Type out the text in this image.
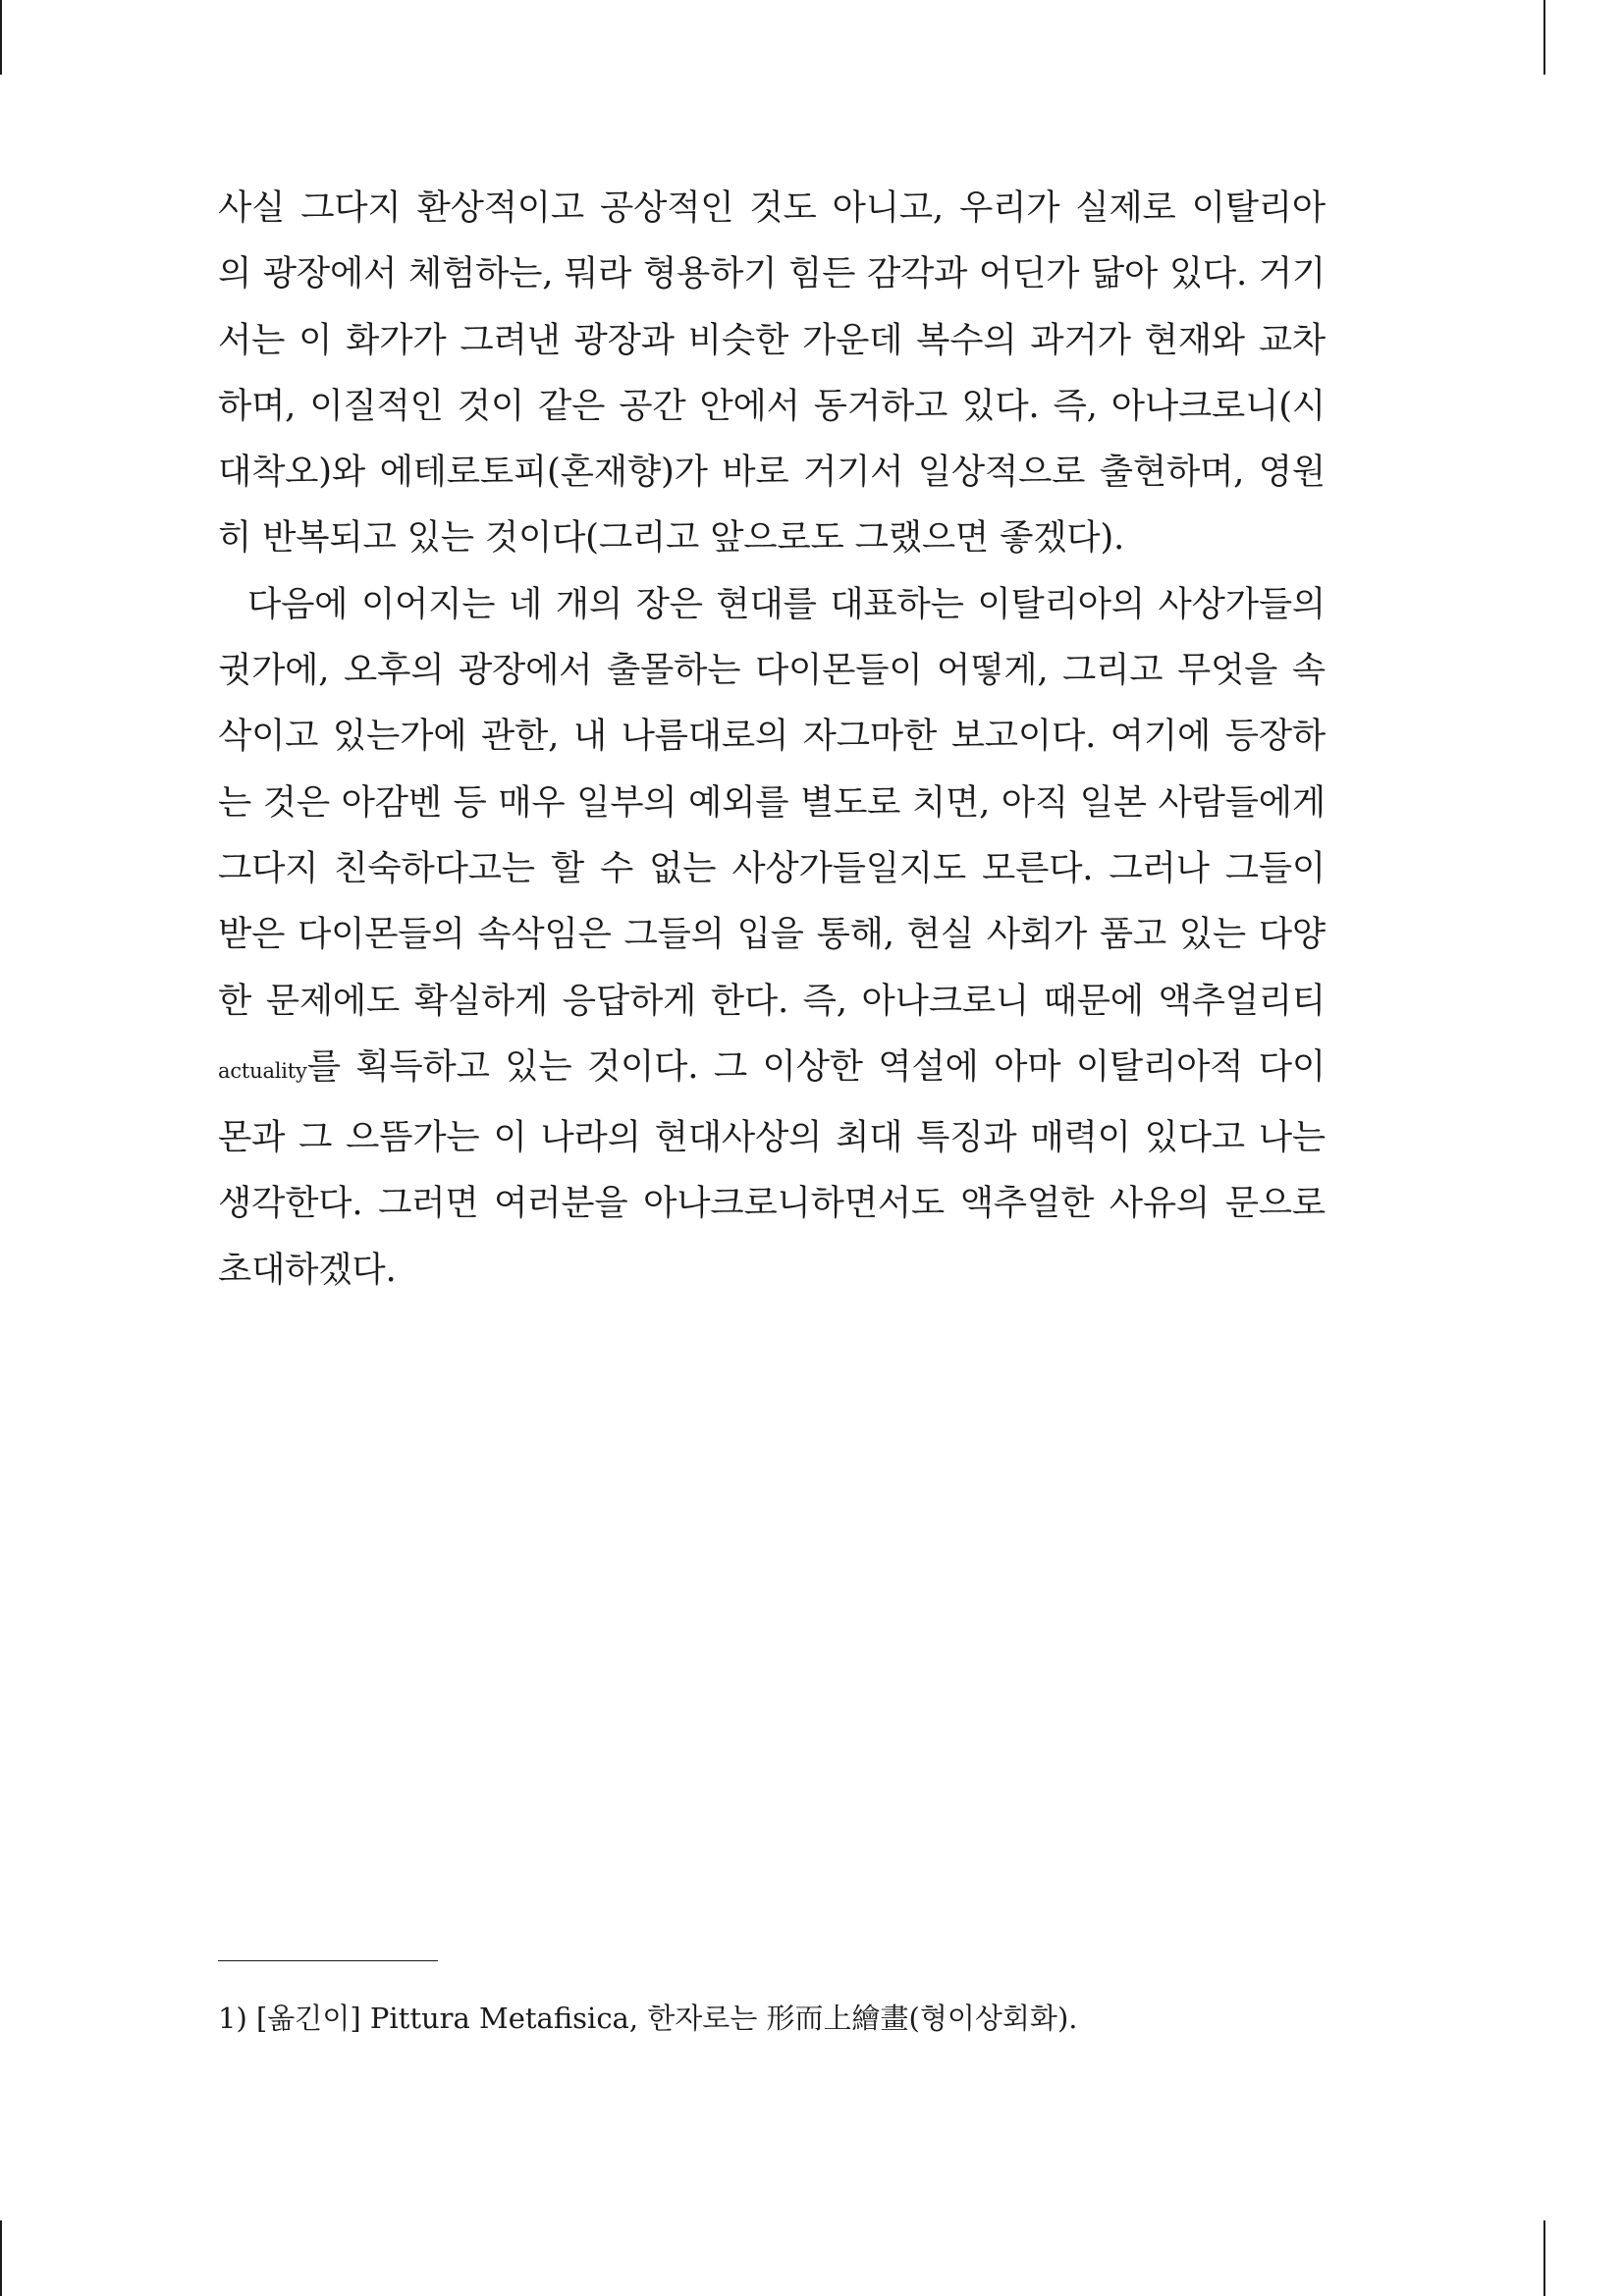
사실 그다지 환상적이고 공상적인 것도 아니고, 우리가 실제로 이탈리아
의 광장에서 체험하는, 뭐라 형용하기 힘든 감각과 어딘가 닮아 있다. 거기
서는 이 화가가 그려낸 광장과 비슷한 가운데 복수의 과거가 현재와 교차
하며, 이질적인 것이 같은 공간 안에서 동거하고 있다. 즉, 아나크로니(시
대착오)와 에테로토피(혼재향)가 바로 거기서 일상적으로 출현하며, 영원
히 반복되고 있는 것이다(그리고 앞으로도 그랬으면 좋겠다).

다음에 이어지는 네 개의 장은 현대를 대표하는 이탈리아의 사상가들의
귓가에, 오후의 광장에서 출몰하는 다이몬들이 어떻게, 그리고 무엇을 속
삭이고 있는가에 관한, 내 나름대로의 자그마한 보고이다. 여기에 등장하
는 것은 아감벤 등 매우 일부의 예외를 별도로 치면, 아직 일본 사람들에게
그다지 친숙하다고는 할 수 없는 사상가들일지도 모른다. 그러나 그들이
받은 다이몬들의 속삭임은 그들의 입을 통해, 현실 사회가 품고 있는 다양
한 문제에도 확실하게 응답하게 한다. 즉, 아나크로니 때문에 액추얼리티
actuality를 획득하고 있는 것이다. 그 이상한 역설에 아마 이탈리아적 다이
몬과 그 으뜸가는 이 나라의 현대사상의 최대 특징과 매력이 있다고 나는
생각한다. 그러면 여러분을 아나크로니하면서도 액추얼한 사유의 문으로
초대하겠다.

1) [옮긴이] Pittura Metafisica, 한자로는 形而上繪畫(형이상회화).
